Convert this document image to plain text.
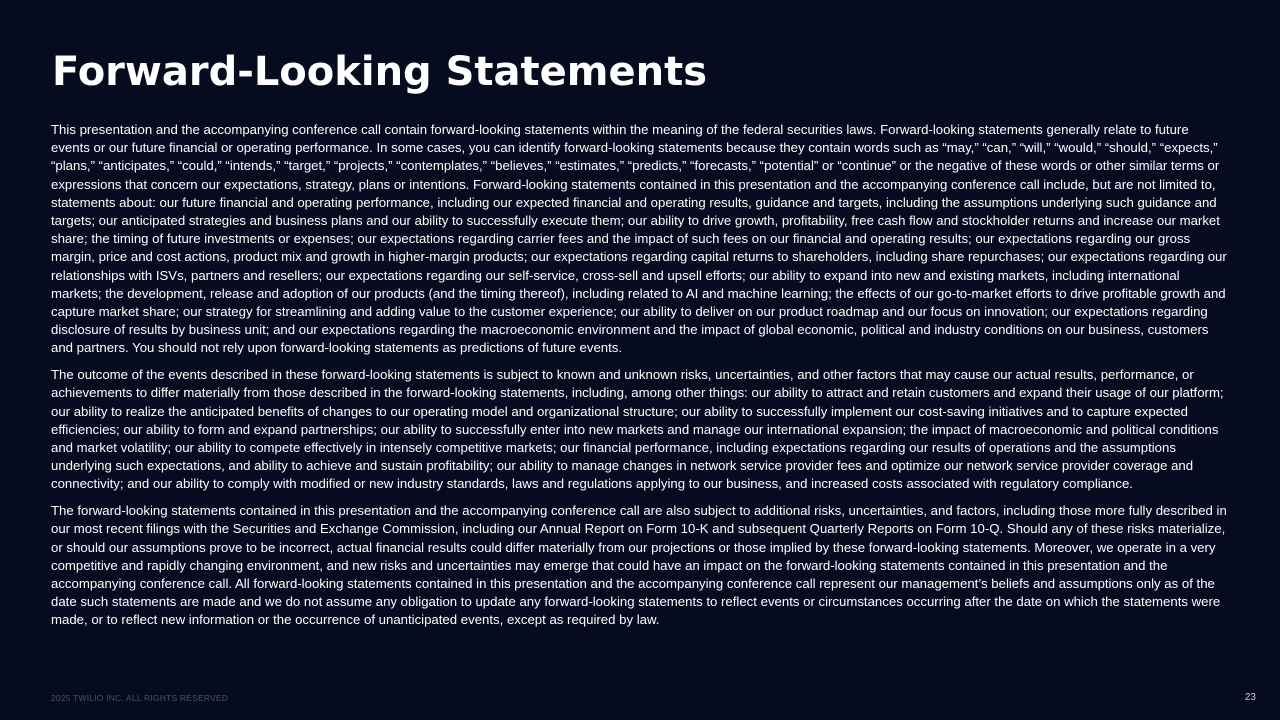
Forward-Looking Statements

This presentation and the accompanying conference call contain forward-looking statements within the meaning of the federal securities laws. Forward-looking statements generally relate to future events or our future financial or operating performance. In some cases, you can identify forward-looking statements because they contain words such as “may,” “can,” “will,” “would,” “should,” “expects,” “plans,” “anticipates,” “could,” “intends,” “target,” “projects,” “contemplates,” “believes,” “estimates,” “predicts,” “forecasts,” “potential” or “continue” or the negative of these words or other similar terms or expressions that concern our expectations, strategy, plans or intentions. Forward-looking statements contained in this presentation and the accompanying conference call include, but are not limited to, statements about: our future financial and operating performance, including our expected financial and operating results, guidance and targets, including the assumptions underlying such guidance and targets; our anticipated strategies and business plans and our ability to successfully execute them; our ability to drive growth, profitability, free cash flow and stockholder returns and increase our market share; the timing of future investments or expenses; our expectations regarding carrier fees and the impact of such fees on our financial and operating results; our expectations regarding our gross margin, price and cost actions, product mix and growth in higher-margin products; our expectations regarding capital returns to shareholders, including share repurchases; our expectations regarding our relationships with ISVs, partners and resellers; our expectations regarding our self-service, cross-sell and upsell efforts; our ability to expand into new and existing markets, including international markets; the development, release and adoption of our products (and the timing thereof), including related to AI and machine learning; the effects of our go-to-market efforts to drive profitable growth and capture market share; our strategy for streamlining and adding value to the customer experience; our ability to deliver on our product roadmap and our focus on innovation; our expectations regarding disclosure of results by business unit; and our expectations regarding the macroeconomic environment and the impact of global economic, political and industry conditions on our business, customers and partners. You should not rely upon forward-looking statements as predictions of future events.

The outcome of the events described in these forward-looking statements is subject to known and unknown risks, uncertainties, and other factors that may cause our actual results, performance, or achievements to differ materially from those described in the forward-looking statements, including, among other things: our ability to attract and retain customers and expand their usage of our platform; our ability to realize the anticipated benefits of changes to our operating model and organizational structure; our ability to successfully implement our cost-saving initiatives and to capture expected efficiencies; our ability to form and expand partnerships; our ability to successfully enter into new markets and manage our international expansion; the impact of macroeconomic and political conditions and market volatility; our ability to compete effectively in intensely competitive markets; our financial performance, including expectations regarding our results of operations and the assumptions underlying such expectations, and ability to achieve and sustain profitability; our ability to manage changes in network service provider fees and optimize our network service provider coverage and connectivity; and our ability to comply with modified or new industry standards, laws and regulations applying to our business, and increased costs associated with regulatory compliance.

The forward-looking statements contained in this presentation and the accompanying conference call are also subject to additional risks, uncertainties, and factors, including those more fully described in our most recent filings with the Securities and Exchange Commission, including our Annual Report on Form 10-K and subsequent Quarterly Reports on Form 10-Q. Should any of these risks materialize, or should our assumptions prove to be incorrect, actual financial results could differ materially from our projections or those implied by these forward-looking statements. Moreover, we operate in a very competitive and rapidly changing environment, and new risks and uncertainties may emerge that could have an impact on the forward-looking statements contained in this presentation and the accompanying conference call. All forward-looking statements contained in this presentation and the accompanying conference call represent our management’s beliefs and assumptions only as of the date such statements are made and we do not assume any obligation to update any forward-looking statements to reflect events or circumstances occurring after the date on which the statements were made, or to reflect new information or the occurrence of unanticipated events, except as required by law.

2025 TWILIO INC. ALL RIGHTS RESERVED	23
